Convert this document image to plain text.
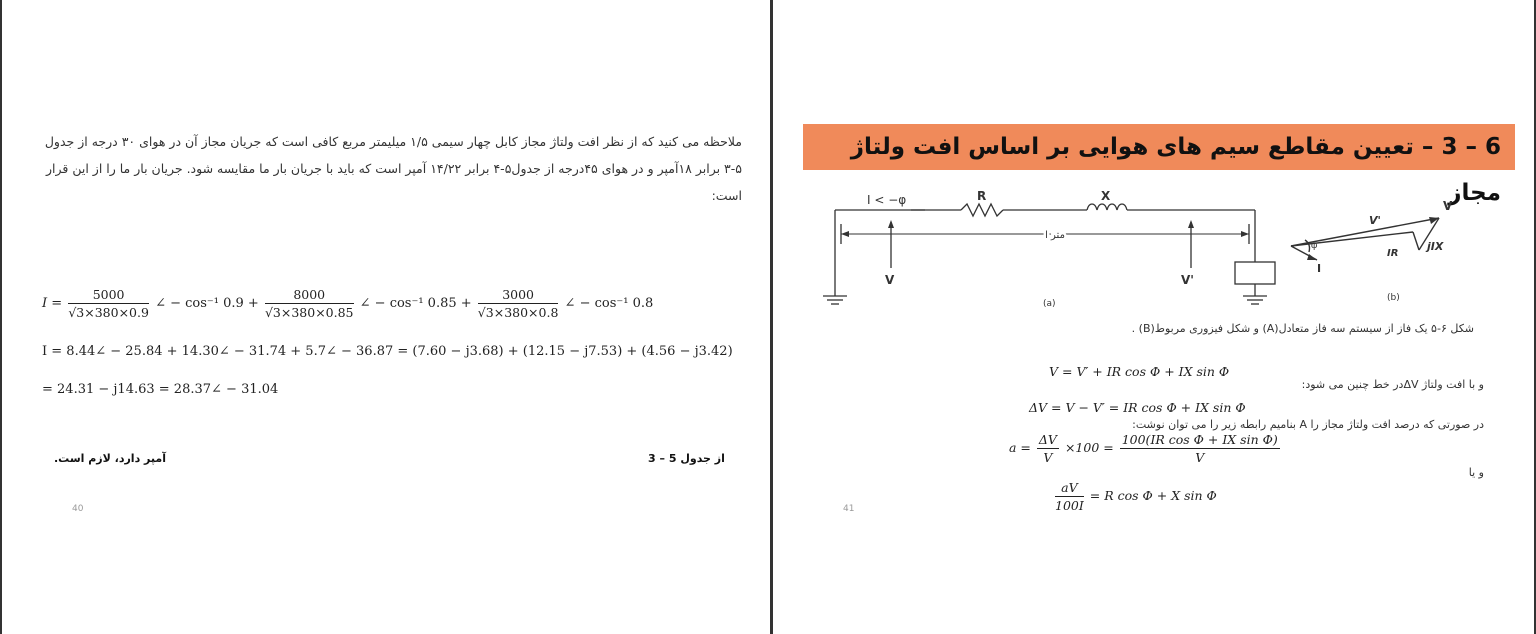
ملاحظه می کنید که از نظر افت ولتاژ مجاز کابل چهار سیمی ۱/۵ میلیمتر مربع کافی است که جریان مجاز آن در هوای ۳۰ درجه از جدول ۵-۳ برابر ۱۸آمپر و در هوای ۴۵درجه از جدول۵-۴ برابر ۱۴/۲۲ آمپر است که باید با جریان بار ما مقایسه شود. جریان بار ما را از این قرار است:
$I = \frac{5000}{√3\times 380\times 0.9}$ ∠ − cos⁻¹ $0.9 + \frac{8000}{√3\times 380\times 0.85}$ ∠ − cos⁻¹ $0.85 + \frac{3000}{√3\times 380\times 0.8}$ ∠ − cos⁻¹ 0.8
I = 8.44∠ − 25.84 + 14.30∠ − 31.74 + 5.7∠ − 36.87 = (7.60 − j3.68) + (12.15 − j7.53) + (4.56 − j3.42)
= 24.31 − j14.63 = 28.37∠ − 31.04
از جدول 5 – 3
آمپر دارد، لازم است.
40
6 – 3 – تعیین مقاطع سیم های هوایی بر اساس افت ولتاژ مجاز
I < −φ	R	X
l متر
V	V'
(a)
V
V'
jIX
IR
I
φ
(b)
شکل ۶-۵ یک فاز از سیستم سه فاز متعادل(A) و شکل فیزوری مربوط(B) .
V = V′ + IR cos Φ + IX sin Φ
و با افت ولتاژ ΔVدر خط چنین می شود:
ΔV = V − V′ = IR cos Φ + IX sin Φ
در صورتی که درصد افت ولتاژ مجاز را A بنامیم رابطه زیر را می توان نوشت:
$a = \frac{\Delta V}{V} \times 100 = \frac{\text{100(IR cos Φ + IX sin Φ)}}{V}$
و یا
$\frac{aV}{100I} = R$ cos Φ + X sin Φ
41
